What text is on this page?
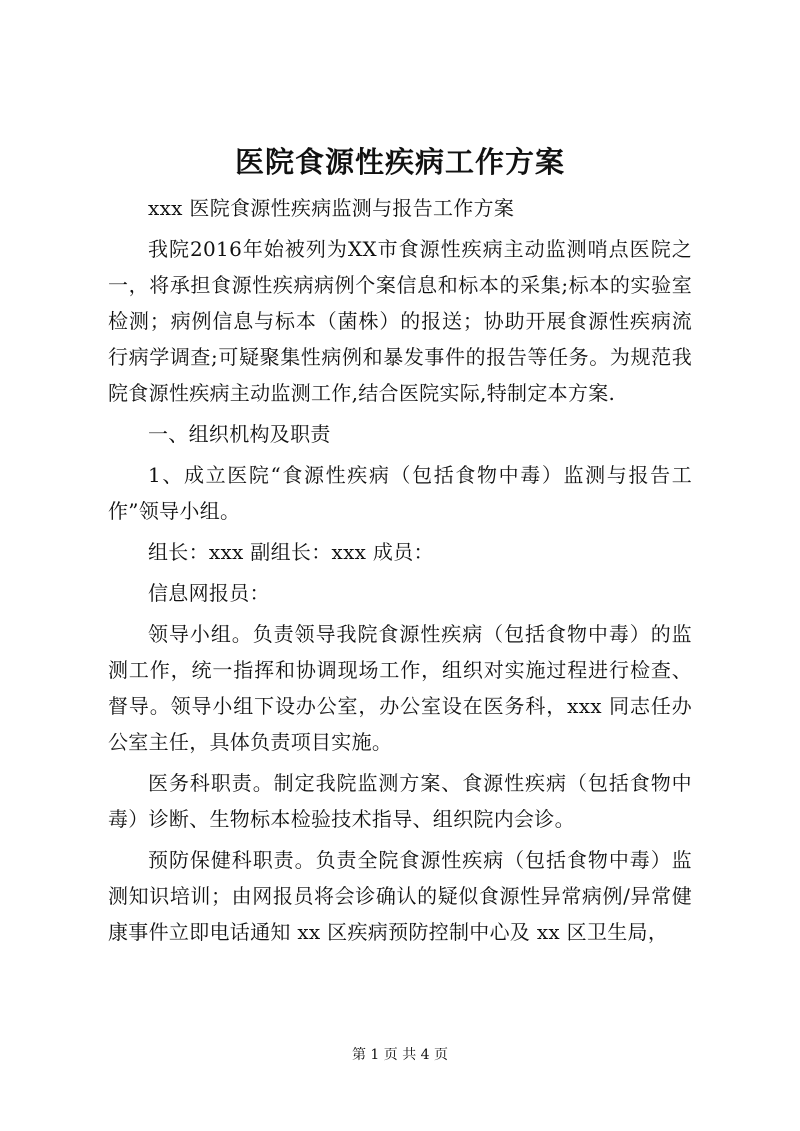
医院食源性疾病工作方案

xxx 医院食源性疾病监测与报告工作方案

我院2016年始被列为XX市食源性疾病主动监测哨点医院之一，将承担食源性疾病病例个案信息和标本的采集;标本的实验室检测；病例信息与标本（菌株）的报送；协助开展食源性疾病流行病学调查;可疑聚集性病例和暴发事件的报告等任务。为规范我院食源性疾病主动监测工作,结合医院实际,特制定本方案.

一、组织机构及职责

1、成立医院“食源性疾病（包括食物中毒）监测与报告工作”领导小组。

组长：xxx 副组长：xxx 成员：

信息网报员：

领导小组。负责领导我院食源性疾病（包括食物中毒）的监测工作，统一指挥和协调现场工作，组织对实施过程进行检查、督导。领导小组下设办公室，办公室设在医务科，xxx 同志任办公室主任，具体负责项目实施。

医务科职责。制定我院监测方案、食源性疾病（包括食物中毒）诊断、生物标本检验技术指导、组织院内会诊。

预防保健科职责。负责全院食源性疾病（包括食物中毒）监测知识培训；由网报员将会诊确认的疑似食源性异常病例/异常健康事件立即电话通知 xx 区疾病预防控制中心及 xx 区卫生局，

第 1 页 共 4 页
